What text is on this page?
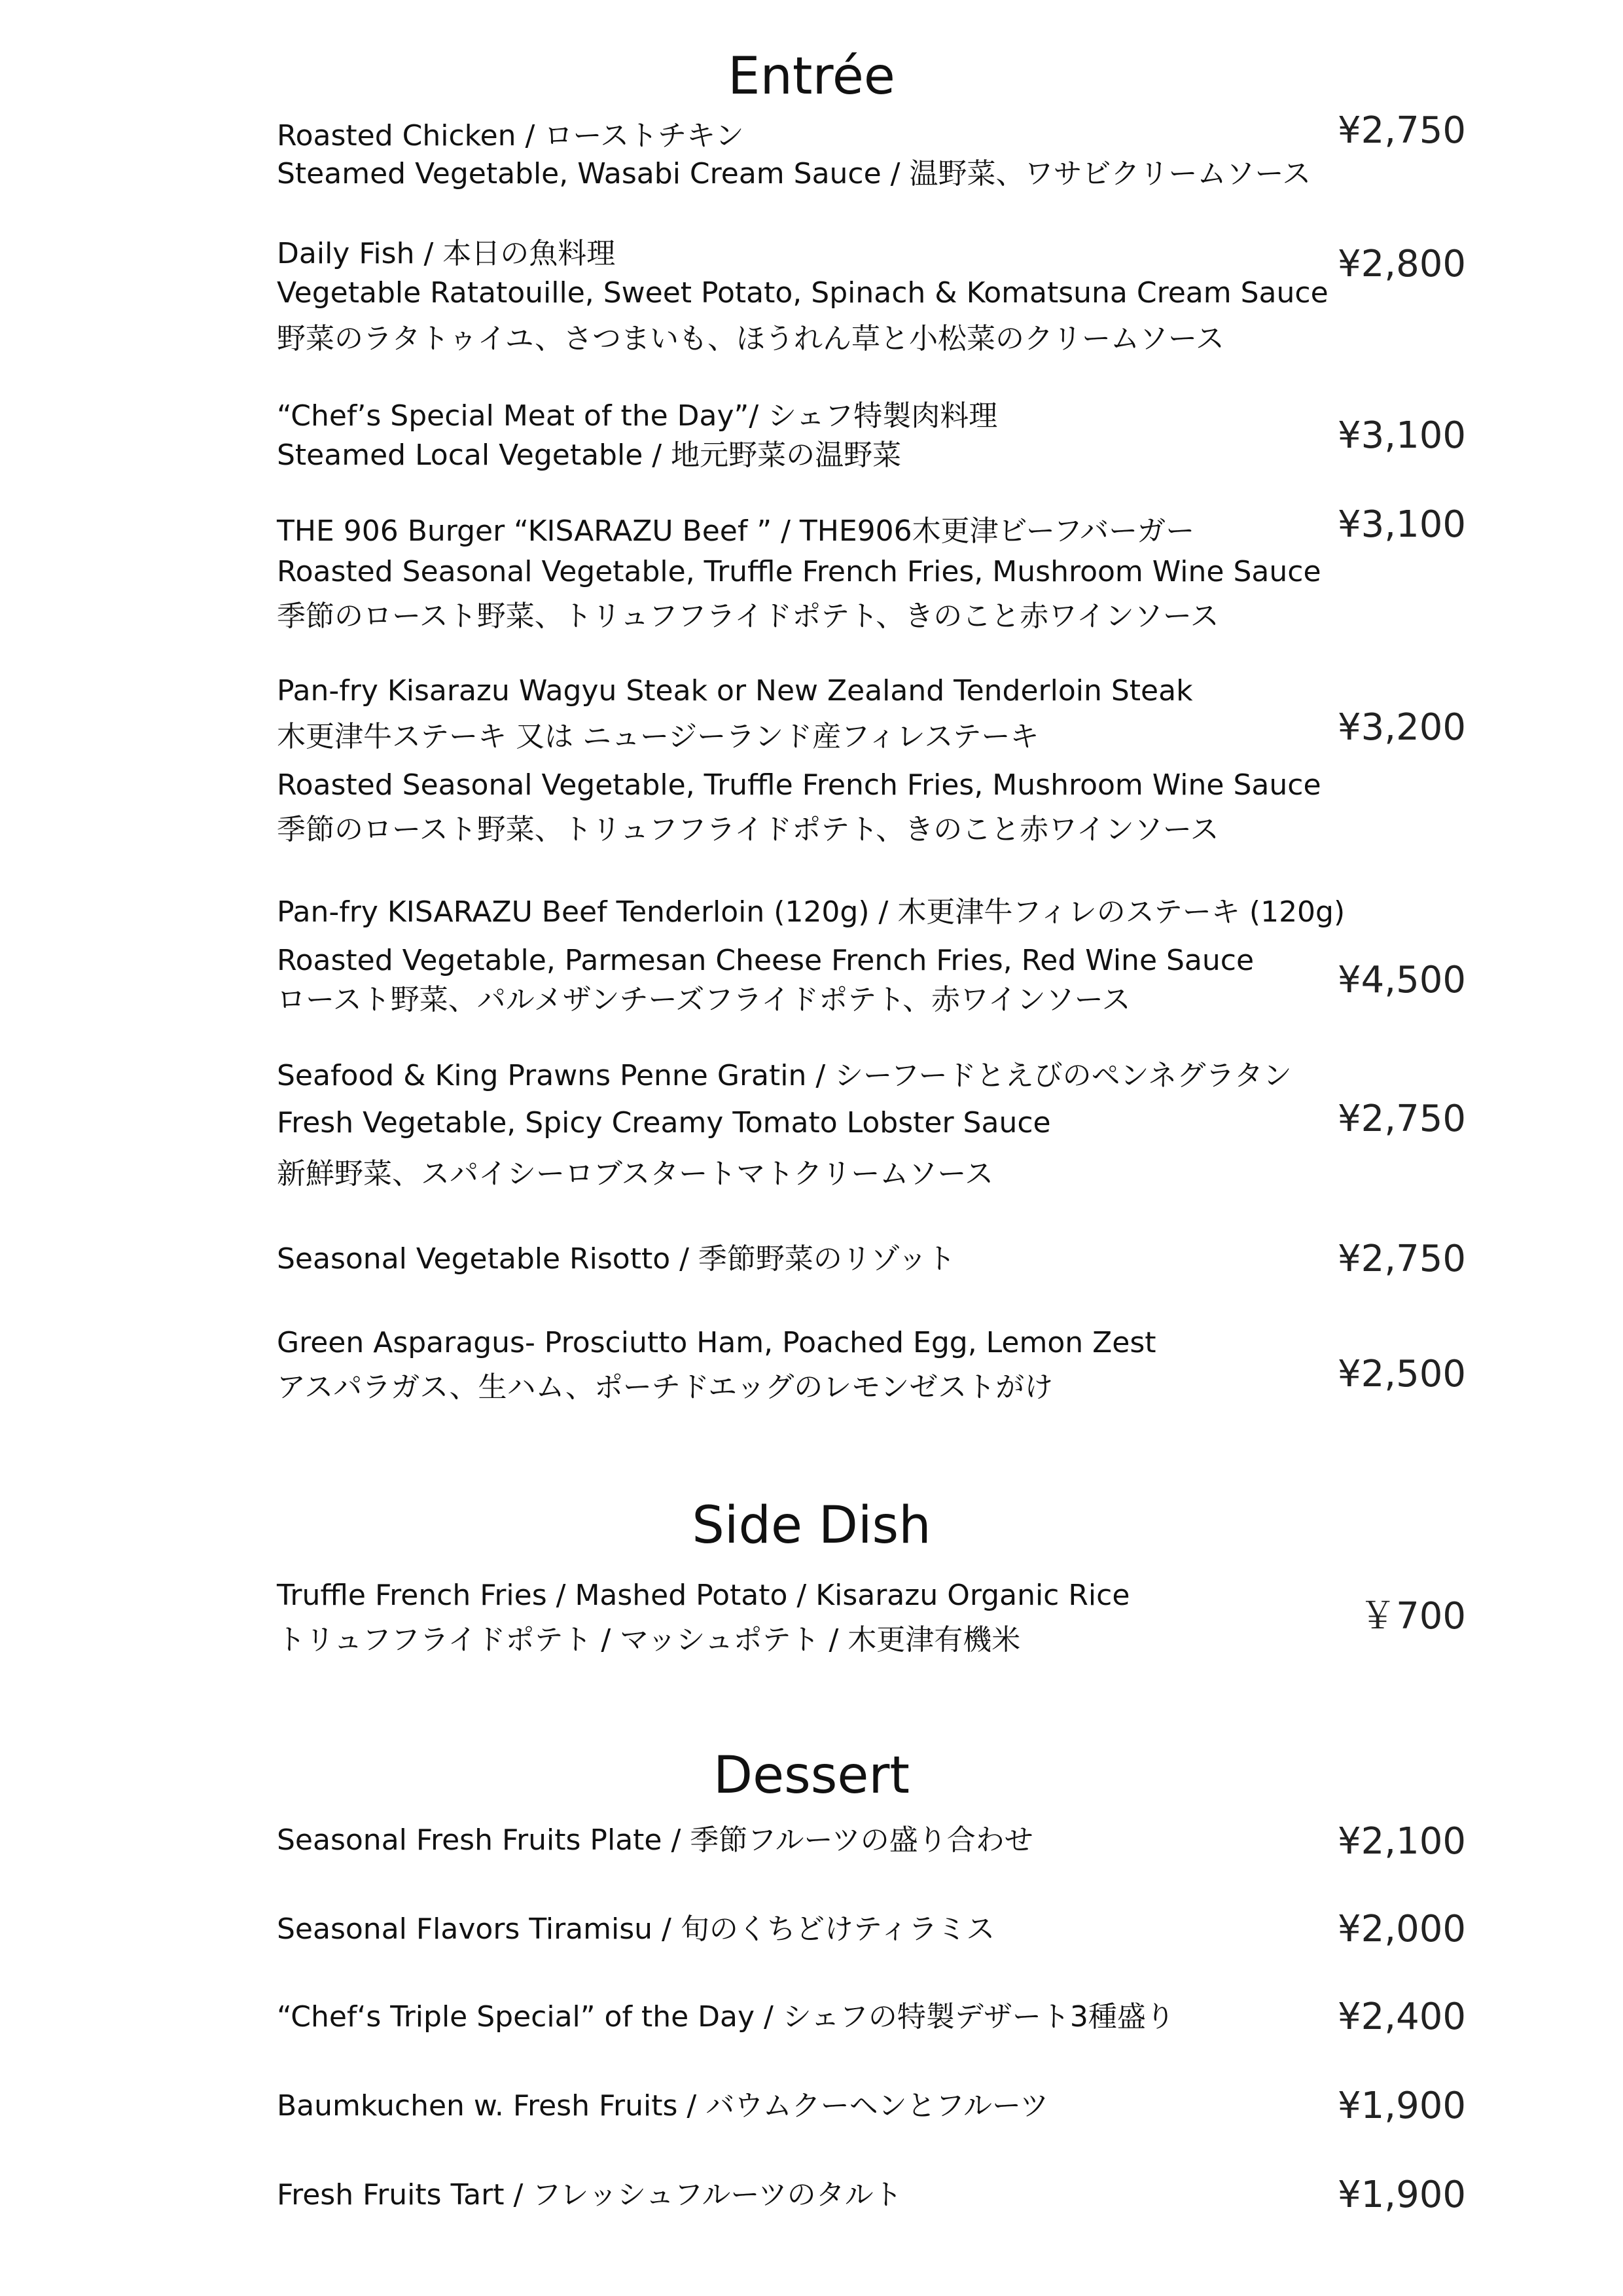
Entrée
Roasted Chicken / ローストチキン
Steamed Vegetable, Wasabi Cream Sauce / 温野菜、ワサビクリームソース
¥2,750
Daily Fish / 本日の魚料理
Vegetable Ratatouille, Sweet Potato, Spinach & Komatsuna Cream Sauce
野菜のラタトゥイユ、さつまいも、ほうれん草と小松菜のクリームソース
¥2,800
“Chef’s Special Meat of the Day”/ シェフ特製肉料理
Steamed Local Vegetable / 地元野菜の温野菜	¥3,100
THE 906 Burger “KISARAZU Beef ” / THE906木更津ビーフバーガー
Roasted Seasonal Vegetable, Truffle French Fries, Mushroom Wine Sauce
季節のロースト野菜、トリュフフライドポテト、きのこと赤ワインソース
¥3,100
Pan-fry Kisarazu Wagyu Steak or New Zealand Tenderloin Steak
木更津牛ステーキ 又は ニュージーランド産フィレステーキ
Roasted Seasonal Vegetable, Truffle French Fries, Mushroom Wine Sauce
季節のロースト野菜、トリュフフライドポテト、きのこと赤ワインソース
¥3,200
Pan-fry KISARAZU Beef Tenderloin (120g) / 木更津牛フィレのステーキ (120g)
Roasted Vegetable, Parmesan Cheese French Fries, Red Wine Sauce
ロースト野菜、パルメザンチーズフライドポテト、赤ワインソース	¥4,500
Seafood & King Prawns Penne Gratin / シーフードとえびのペンネグラタン
Fresh Vegetable, Spicy Creamy Tomato Lobster Sauce
新鮮野菜、スパイシーロブスタートマトクリームソース
¥2,750
Seasonal Vegetable Risotto / 季節野菜のリゾット	¥2,750
Green Asparagus- Prosciutto Ham, Poached Egg, Lemon Zest
アスパラガス、生ハム、ポーチドエッグのレモンゼストがけ	¥2,500
Side Dish
Truffle French Fries / Mashed Potato / Kisarazu Organic Rice
トリュフフライドポテト / マッシュポテト / 木更津有機米
￥700
Dessert
Seasonal Fresh Fruits Plate / 季節フルーツの盛り合わせ	¥2,100
Seasonal Flavors Tiramisu / 旬のくちどけティラミス	¥2,000
“Chef‘s Triple Special” of the Day / シェフの特製デザート3種盛り	¥2,400
Baumkuchen w. Fresh Fruits / バウムクーヘンとフルーツ	¥1,900
Fresh Fruits Tart / フレッシュフルーツのタルト	¥1,900
